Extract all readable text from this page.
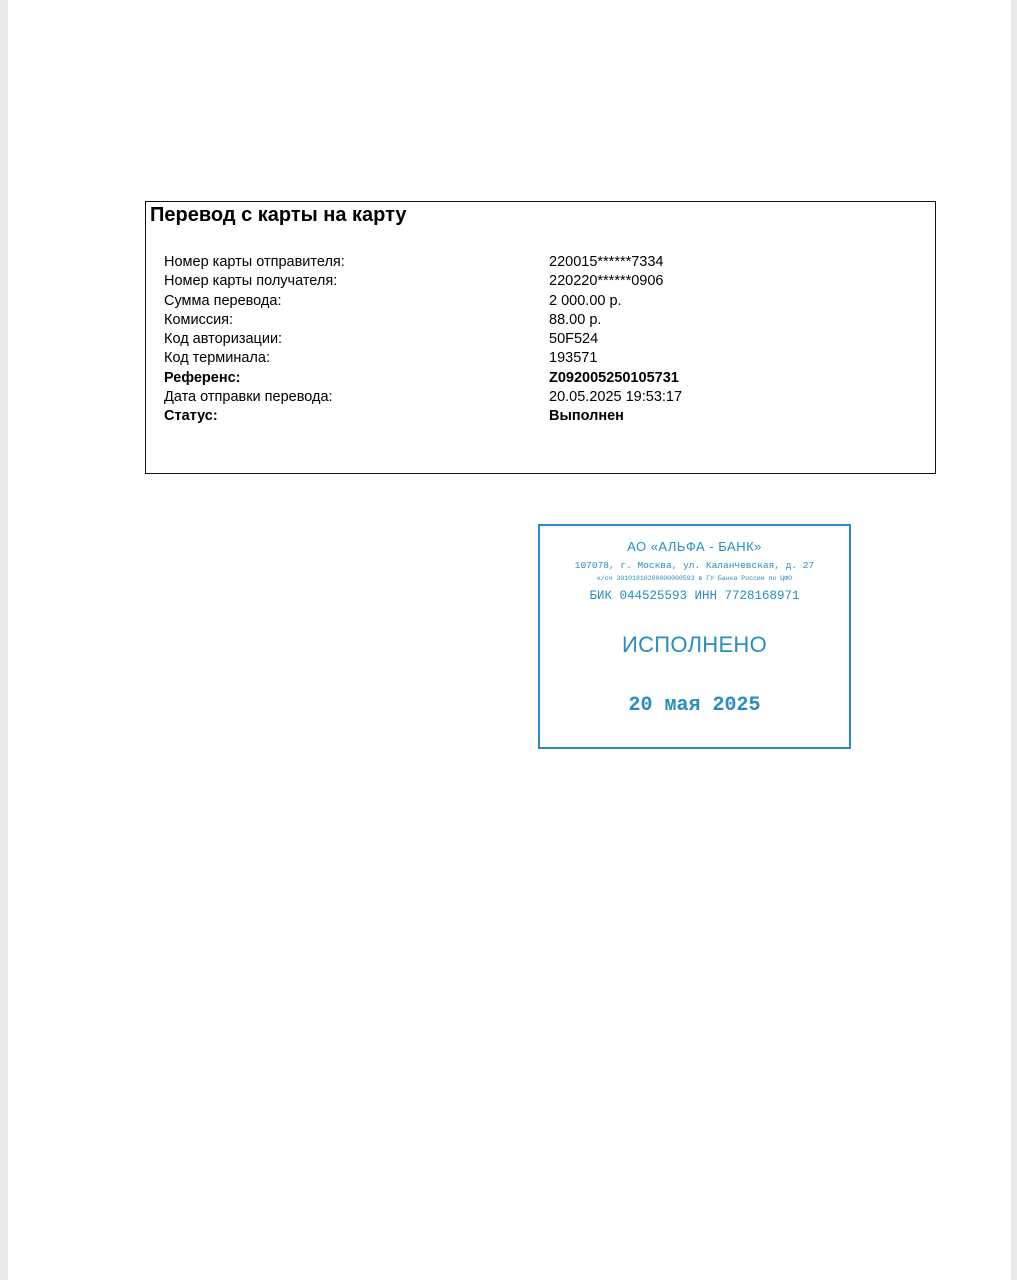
Перевод с карты на карту
Номер карты отправителя:	220015******7334
Номер карты получателя:	220220******0906
Сумма перевода:	2 000.00 р.
Комиссия:	88.00 р.
Код авторизации:	50F524
Код терминала:	193571
Референс:	Z092005250105731
Дата отправки перевода:	20.05.2025 19:53:17
Статус:	Выполнен
АО «АЛЬФА - БАНК»
107078, г. Москва, ул. Каланчевская, д. 27
к/сч 30101810200000000593 в ГУ Банка России по ЦФО
БИК 044525593 ИНН 7728168971
ИСПОЛНЕНО
20 мая 2025
